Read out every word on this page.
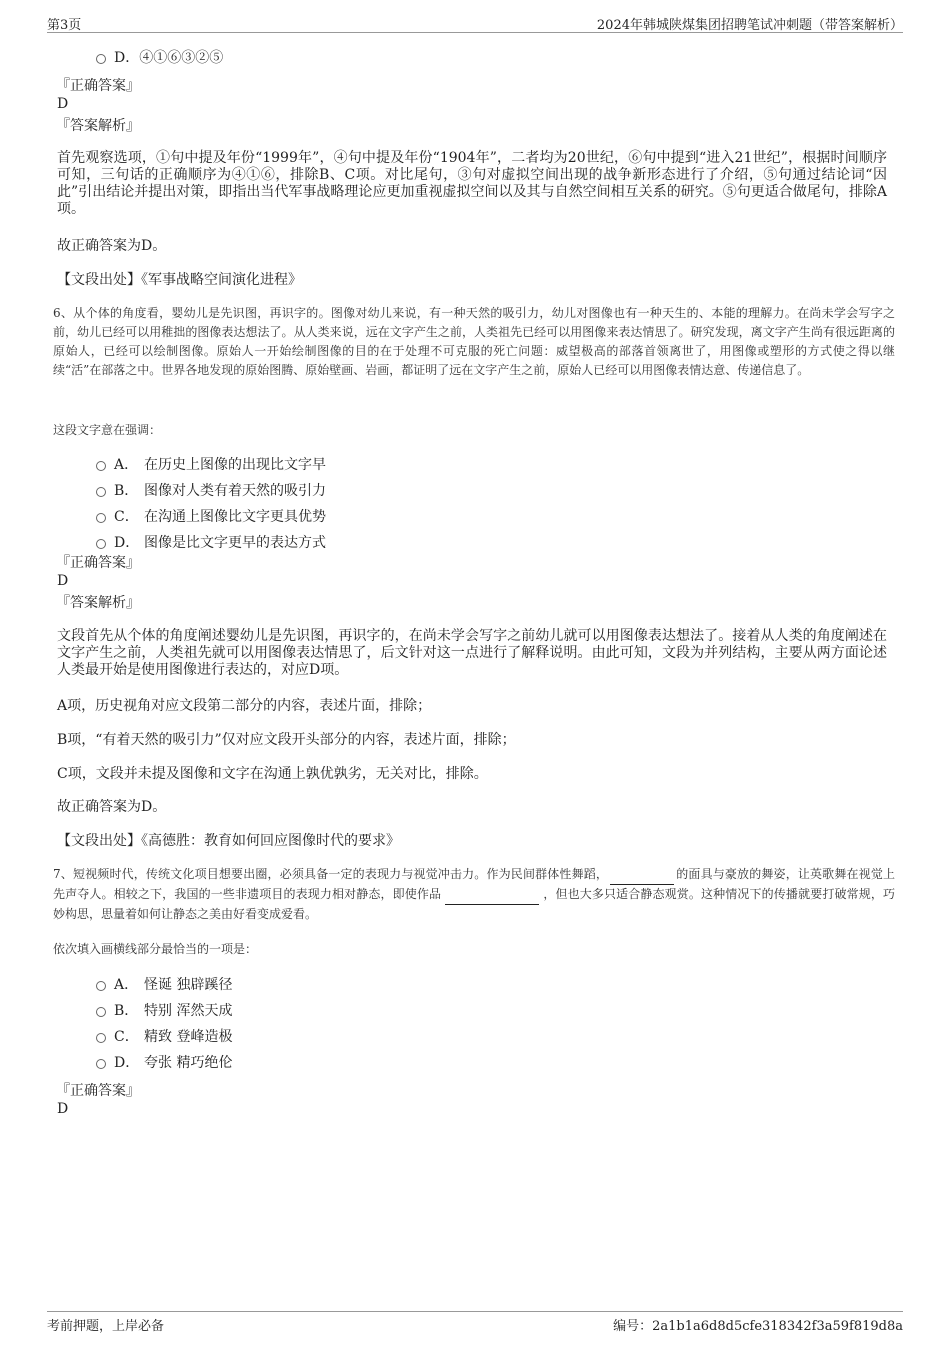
第3页	2024年韩城陕煤集团招聘笔试冲刺题（带答案解析）
D．④①⑥③②⑤
『正确答案』
D
『答案解析』
首先观察选项，①句中提及年份“1999年”，④句中提及年份“1904年”，二者均为20世纪，⑥句中提到“进入21世纪”，根据时间顺序可知，三句话的正确顺序为④①⑥，排除B、C项。对比尾句，③句对虚拟空间出现的战争新形态进行了介绍，⑤句通过结论词“因此”引出结论并提出对策，即指出当代军事战略理论应更加重视虚拟空间以及其与自然空间相互关系的研究。⑤句更适合做尾句，排除A项。
故正确答案为D。
【文段出处】《军事战略空间演化进程》
6、从个体的角度看，婴幼儿是先识图，再识字的。图像对幼儿来说，有一种天然的吸引力，幼儿对图像也有一种天生的、本能的理解力。在尚未学会写字之前，幼儿已经可以用稚拙的图像表达想法了。从人类来说，远在文字产生之前，人类祖先已经可以用图像来表达情思了。研究发现，离文字产生尚有很远距离的原始人，已经可以绘制图像。原始人一开始绘制图像的目的在于处理不可克服的死亡问题：威望极高的部落首领离世了，用图像或塑形的方式使之得以继续“活”在部落之中。世界各地发现的原始图腾、原始壁画、岩画，都证明了远在文字产生之前，原始人已经可以用图像表情达意、传递信息了。
这段文字意在强调：
A． 在历史上图像的出现比文字早
B． 图像对人类有着天然的吸引力
C． 在沟通上图像比文字更具优势
D． 图像是比文字更早的表达方式
『正确答案』
D
『答案解析』
文段首先从个体的角度阐述婴幼儿是先识图，再识字的，在尚未学会写字之前幼儿就可以用图像表达想法了。接着从人类的角度阐述在文字产生之前，人类祖先就可以用图像表达情思了，后文针对这一点进行了解释说明。由此可知，文段为并列结构，主要从两方面论述人类最开始是使用图像进行表达的，对应D项。
A项，历史视角对应文段第二部分的内容，表述片面，排除；
B项，“有着天然的吸引力”仅对应文段开头部分的内容，表述片面，排除；
C项，文段并未提及图像和文字在沟通上孰优孰劣，无关对比，排除。
故正确答案为D。
【文段出处】《高德胜：教育如何回应图像时代的要求》
7、短视频时代，传统文化项目想要出圈，必须具备一定的表现力与视觉冲击力。作为民间群体性舞蹈，	的面具与豪放的舞姿，让英歌舞在视觉上先声夺人。相较之下，我国的一些非遗项目的表现力相对静态，即使作品	，但也大多只适合静态观赏。这种情况下的传播就要打破常规，巧妙构思，思量着如何让静态之美由好看变成爱看。
依次填入画横线部分最恰当的一项是：
A． 怪诞 独辟蹊径
B． 特别 浑然天成
C． 精致 登峰造极
D． 夸张 精巧绝伦
『正确答案』
D
考前押题，上岸必备	编号：2a1b1a6d8d5cfe318342f3a59f819d8a
